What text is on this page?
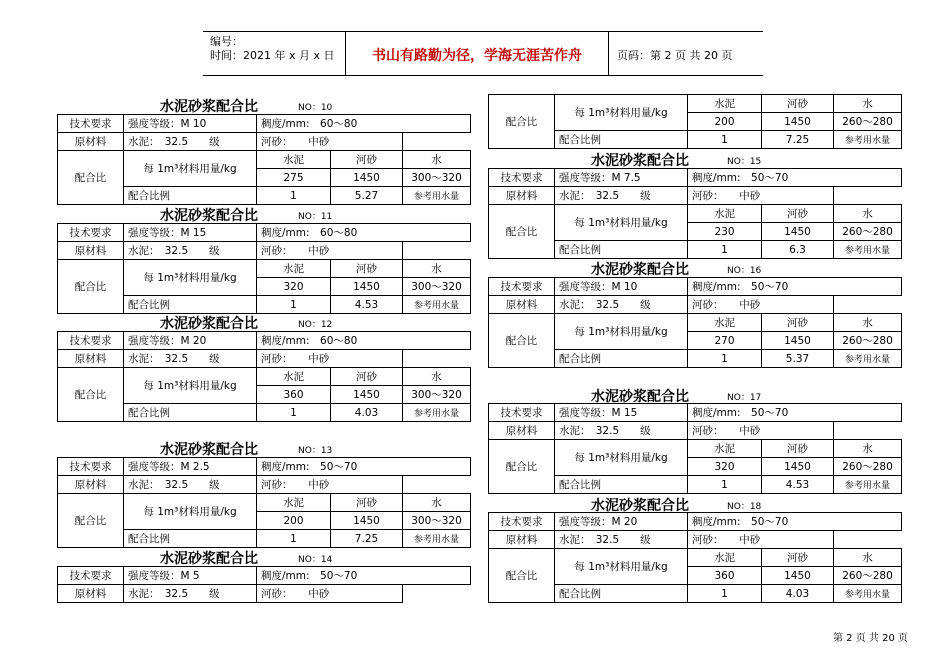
编号：
时间：2021 年 x 月 x 日	书山有路勤为径，学海无涯苦作舟	页码：第 2 页 共 20 页
水泥砂浆配合比	NO：10
技术要求	强度等级：M 10	稠度/mm:　60～80		
原材料	水泥：　 32.5　　 级	河砂：　　 中砂		
配合比	每 1m³材料用量/kg	水泥	河砂	水
		275	1450	300～320
	配合比例	1	5.27	参考用水量
水泥砂浆配合比	NO：11
技术要求	强度等级：M 15	稠度/mm:　60～80		
原材料	水泥：　 32.5　　 级	河砂：　　 中砂		
配合比	每 1m³材料用量/kg	水泥	河砂	水
		320	1450	300～320
	配合比例	1	4.53	参考用水量
水泥砂浆配合比	NO：12
技术要求	强度等级：M 20	稠度/mm:　60～80		
原材料	水泥：　 32.5　　 级	河砂：　　 中砂		
配合比	每 1m³材料用量/kg	水泥	河砂	水
		360	1450	300～320
	配合比例	1	4.03	参考用水量
水泥砂浆配合比	NO：13
技术要求	强度等级：M 2.5	稠度/mm:　50～70		
原材料	水泥：　 32.5　　 级	河砂：　　 中砂		
配合比	每 1m³材料用量/kg	水泥	河砂	水
		200	1450	300～320
	配合比例	1	7.25	参考用水量
水泥砂浆配合比	NO：14
技术要求	强度等级：M 5	稠度/mm:　50～70
原材料	水泥：　 32.5　　 级	河砂：　　 中砂
配合比	每 1m³材料用量/kg	水泥	河砂	水
		200	1450	260～280
	配合比例	1	7.25	参考用水量
水泥砂浆配合比	NO：15
技术要求	强度等级：M 7.5	稠度/mm:　50～70		
原材料	水泥：　 32.5　　 级	河砂：　　 中砂		
配合比	每 1m³材料用量/kg	水泥	河砂	水
		230	1450	260～280
	配合比例	1	6.3	参考用水量
水泥砂浆配合比	NO：16
技术要求	强度等级：M 10	稠度/mm:　50～70		
原材料	水泥：　 32.5　　 级	河砂：　　 中砂		
配合比	每 1m³材料用量/kg	水泥	河砂	水
		270	1450	260～280
	配合比例	1	5.37	参考用水量
水泥砂浆配合比	NO：17
技术要求	强度等级：M 15	稠度/mm:　50～70		
原材料	水泥：　 32.5　　 级	河砂：　　 中砂		
配合比	每 1m³材料用量/kg	水泥	河砂	水
		320	1450	260～280
	配合比例	1	4.53	参考用水量
水泥砂浆配合比	NO：18
技术要求	强度等级：M 20	稠度/mm:　50～70		
原材料	水泥：　 32.5　　 级	河砂：　　 中砂		
配合比	每 1m³材料用量/kg	水泥	河砂	水
		360	1450	260～280
	配合比例	1	4.03	参考用水量
第 2 页 共 20 页
